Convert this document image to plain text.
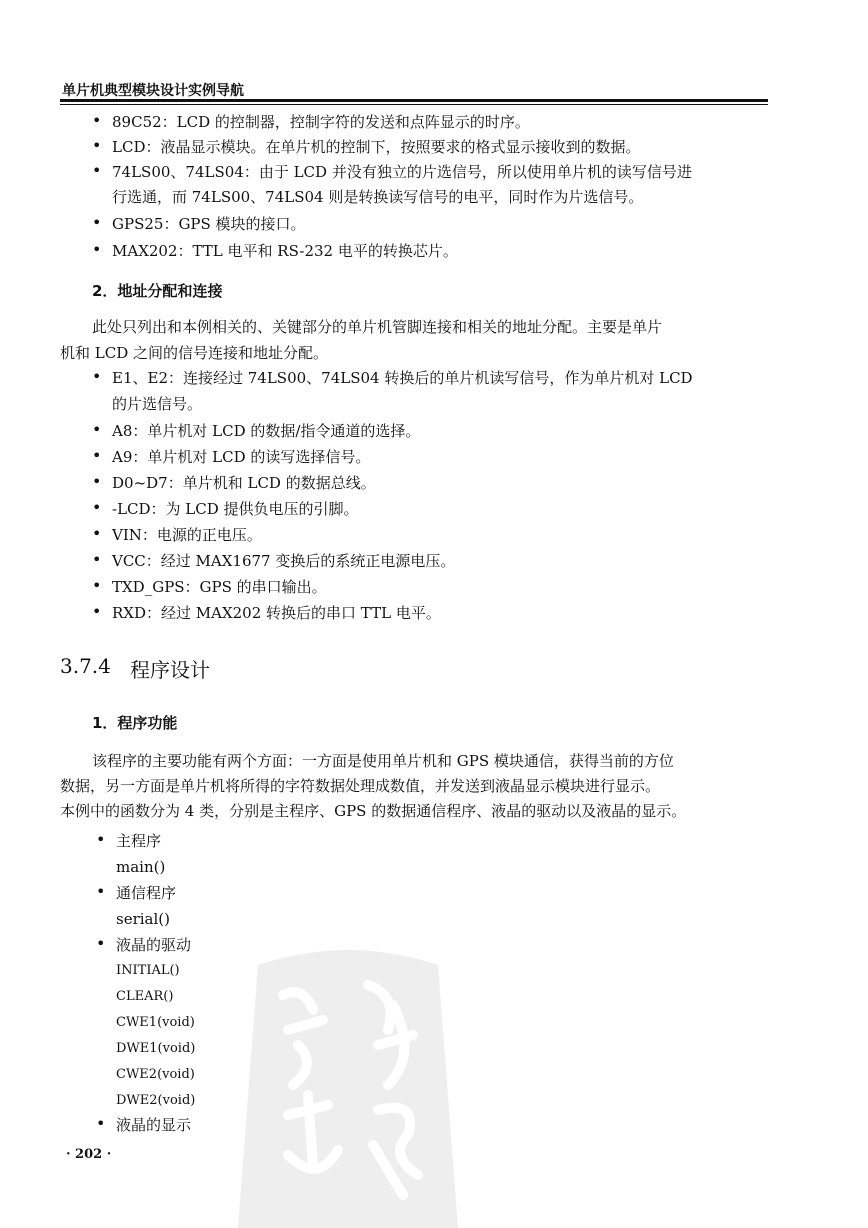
单片机典型模块设计实例导航
• 89C52：LCD 的控制器，控制字符的发送和点阵显示的时序。
• LCD：液晶显示模块。在单片机的控制下，按照要求的格式显示接收到的数据。
• 74LS00、74LS04：由于 LCD 并没有独立的片选信号，所以使用单片机的读写信号进
行选通，而 74LS00、74LS04 则是转换读写信号的电平，同时作为片选信号。
• GPS25：GPS 模块的接口。
• MAX202：TTL 电平和 RS-232 电平的转换芯片。
2．地址分配和连接
此处只列出和本例相关的、关键部分的单片机管脚连接和相关的地址分配。主要是单片
机和 LCD 之间的信号连接和地址分配。
• E1、E2：连接经过 74LS00、74LS04 转换后的单片机读写信号，作为单片机对 LCD
的片选信号。
• A8：单片机对 LCD 的数据/指令通道的选择。
• A9：单片机对 LCD 的读写选择信号。
• D0~D7：单片机和 LCD 的数据总线。
• -LCD：为 LCD 提供负电压的引脚。
• VIN：电源的正电压。
• VCC：经过 MAX1677 变换后的系统正电源电压。
• TXD_GPS：GPS 的串口输出。
• RXD：经过 MAX202 转换后的串口 TTL 电平。
3.7.4 程序设计
1．程序功能
该程序的主要功能有两个方面：一方面是使用单片机和 GPS 模块通信，获得当前的方位
数据，另一方面是单片机将所得的字符数据处理成数值，并发送到液晶显示模块进行显示。
本例中的函数分为 4 类，分别是主程序、GPS 的数据通信程序、液晶的驱动以及液晶的显示。
• 主程序
main()
• 通信程序
serial()
• 液晶的驱动
INITIAL()
CLEAR()
CWE1(void)
DWE1(void)
CWE2(void)
DWE2(void)
• 液晶的显示
· 202 ·
